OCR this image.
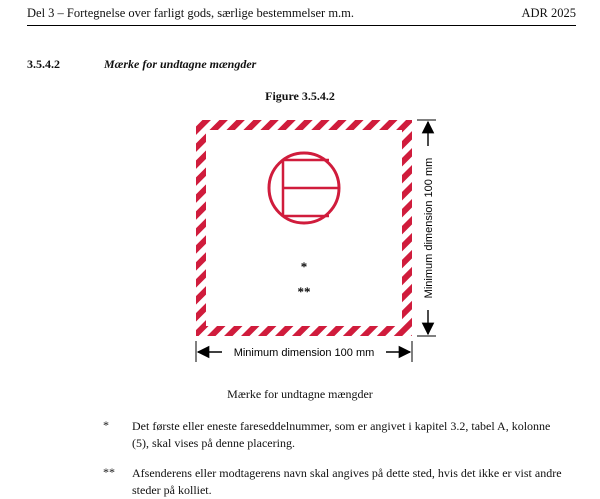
Del 3 – Fortegnelse over farligt gods, særlige bestemmelser m.m.	ADR 2025
3.5.4.2	Mærke for undtagne mængder
Figure 3.5.4.2
*
**
Minimum dimension 100 mm
Minimum dimension 100 mm
Mærke for undtagne mængder
* Det første eller eneste fareseddelnummer, som er angivet i kapitel 3.2, tabel A, kolonne (5), skal vises på denne placering.
** Afsenderens eller modtagerens navn skal angives på dette sted, hvis det ikke er vist andre steder på kolliet.
